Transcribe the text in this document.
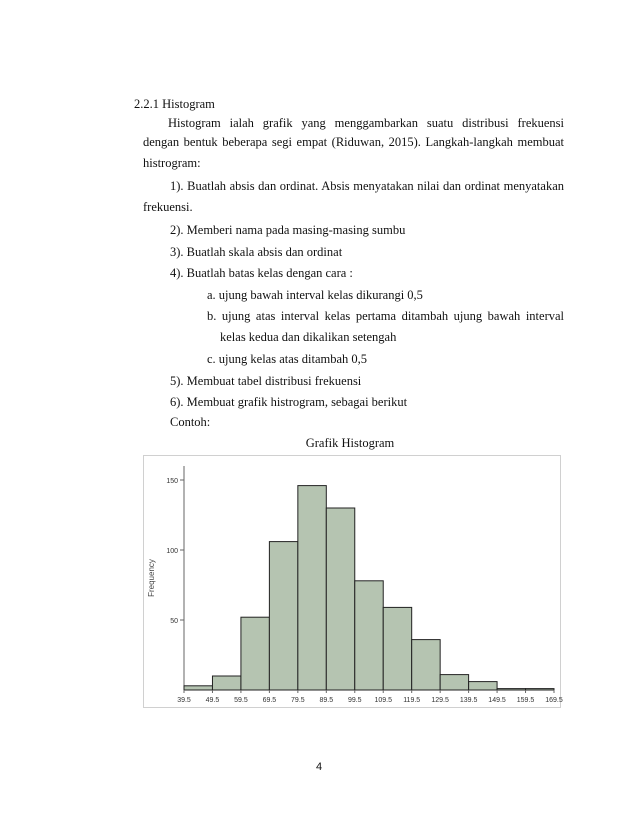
2.2.1 Histogram
Histogram ialah grafik yang menggambarkan suatu distribusi frekuensi
dengan bentuk beberapa segi empat (Riduwan, 2015). Langkah-langkah membuat
histrogram:
1). Buatlah absis dan ordinat. Absis menyatakan nilai dan ordinat menyatakan
frekuensi.
2). Memberi nama pada masing-masing sumbu
3). Buatlah skala absis dan ordinat
4). Buatlah batas kelas dengan cara :
a. ujung bawah interval kelas dikurangi 0,5
b. ujung atas interval kelas pertama ditambah ujung bawah interval
kelas kedua dan dikalikan setengah
c. ujung kelas atas ditambah 0,5
5). Membuat tabel distribusi frekuensi
6). Membuat grafik histrogram, sebagai berikut
Contoh:
Grafik Histogram
50
100
150
Frequency
39.5 49.5 59.5 69.5 79.5 89.5 99.5 109.5 119.5 129.5 139.5 149.5 159.5 169.5
4
